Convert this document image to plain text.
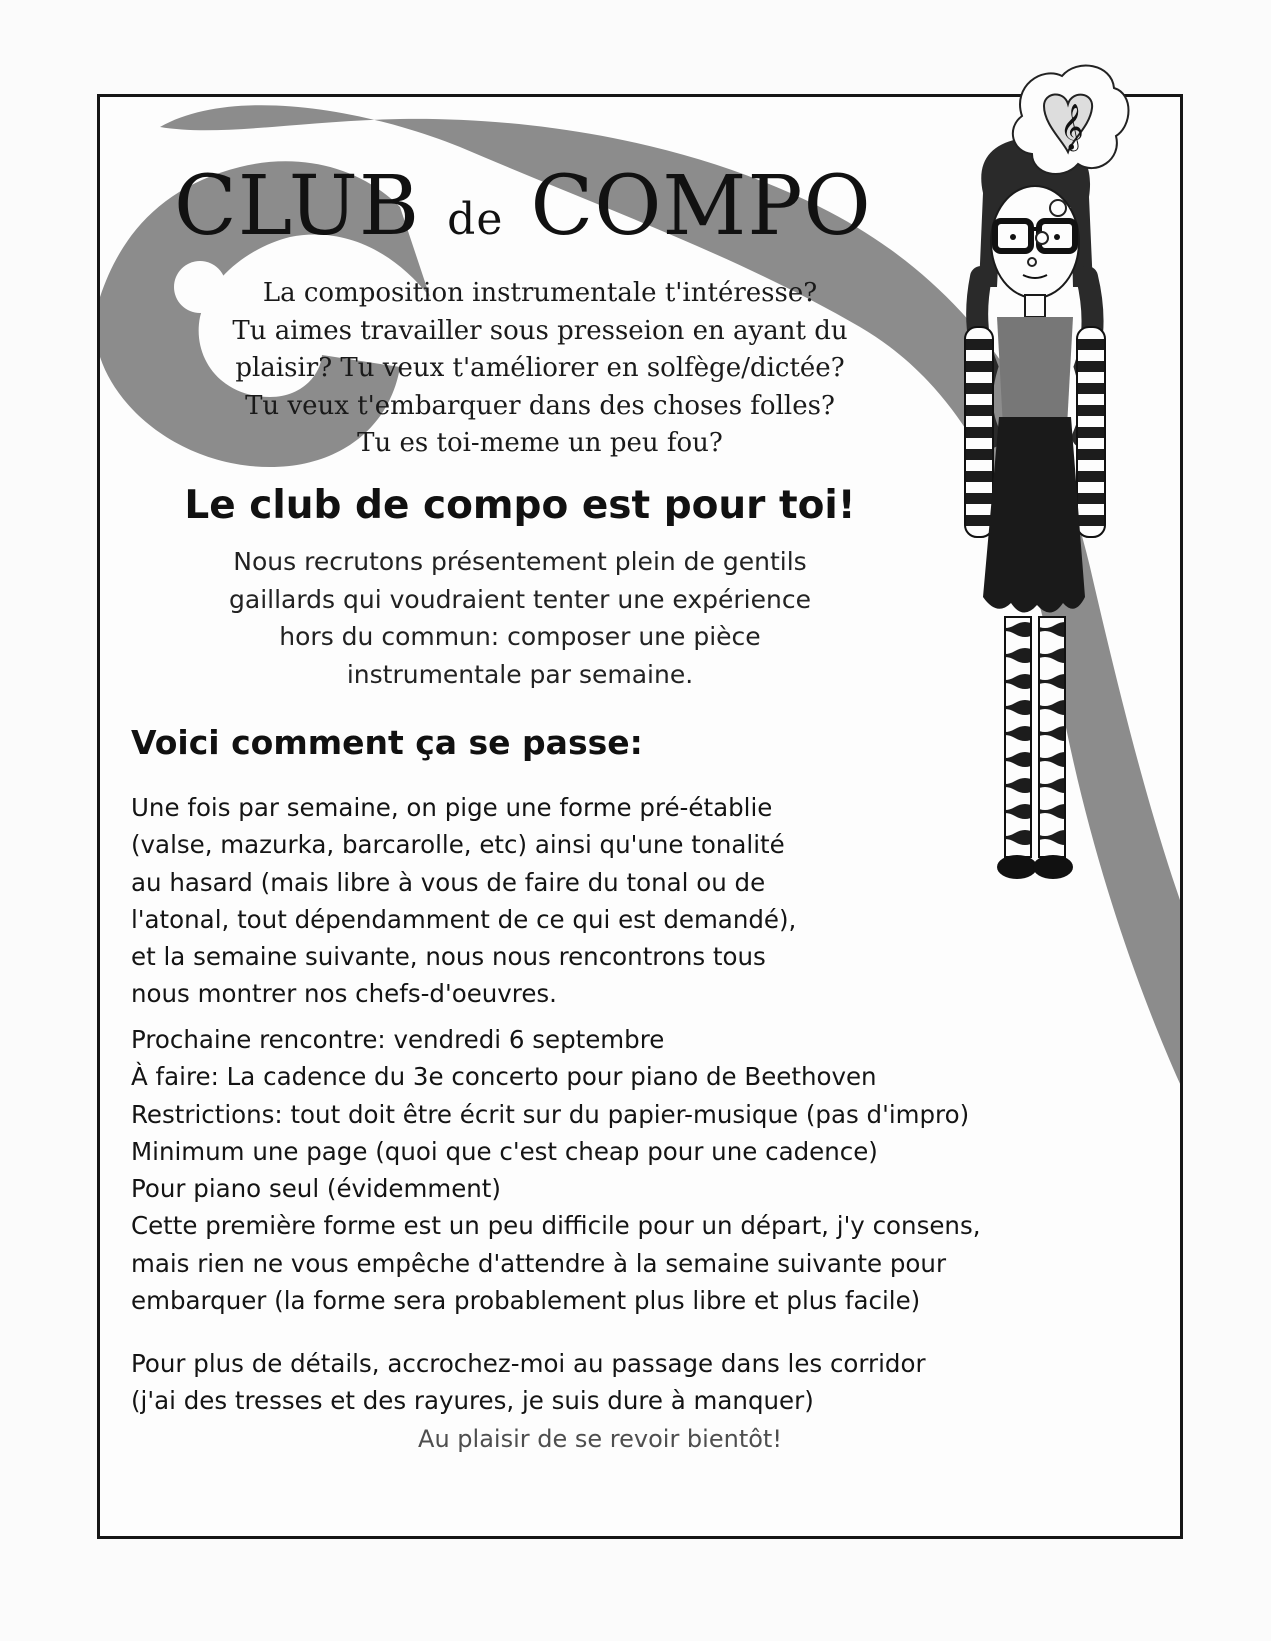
CLUB de COMPO
La composition instrumentale t'intéresse?
Tu aimes travailler sous presseion en ayant du
plaisir? Tu veux t'améliorer en solfège/dictée?
Tu veux t'embarquer dans des choses folles?
Tu es toi-meme un peu fou?
Le club de compo est pour toi!
Nous recrutons présentement plein de gentils
gaillards qui voudraient tenter une expérience
hors du commun: composer une pièce
instrumentale par semaine.
Voici comment ça se passe:
Une fois par semaine, on pige une forme pré-établie
(valse, mazurka, barcarolle, etc) ainsi qu'une tonalité
au hasard (mais libre à vous de faire du tonal ou de
l'atonal, tout dépendamment de ce qui est demandé),
et la semaine suivante, nous nous rencontrons tous
nous montrer nos chefs-d'oeuvres.
Prochaine rencontre: vendredi 6 septembre
À faire: La cadence du 3e concerto pour piano de Beethoven
Restrictions: tout doit être écrit sur du papier-musique (pas d'impro)
Minimum une page (quoi que c'est cheap pour une cadence)
Pour piano seul (évidemment)
Cette première forme est un peu difficile pour un départ, j'y consens,
mais rien ne vous empêche d'attendre à la semaine suivante pour
embarquer (la forme sera probablement plus libre et plus facile)
Pour plus de détails, accrochez-moi au passage dans les corridor
(j'ai des tresses et des rayures, je suis dure à manquer)
Au plaisir de se revoir bientôt!
𝄞
